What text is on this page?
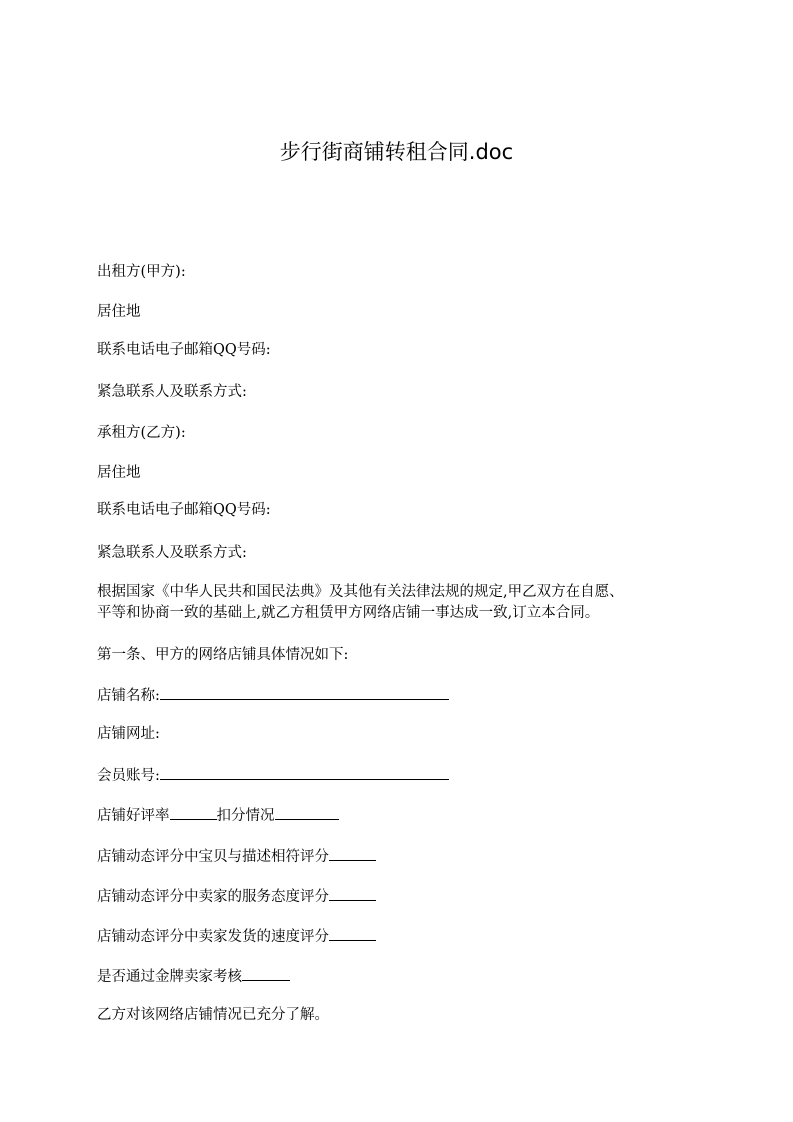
步行街商铺转租合同.doc
出租方(甲方):
居住地
联系电话电子邮箱QQ号码:
紧急联系人及联系方式:
承租方(乙方):
居住地
联系电话电子邮箱QQ号码:
紧急联系人及联系方式:
根据国家《中华人民共和国民法典》及其他有关法律法规的规定,甲乙双方在自愿、
平等和协商一致的基础上,就乙方租赁甲方网络店铺一事达成一致,订立本合同。
第一条、甲方的网络店铺具体情况如下:
店铺名称:
店铺网址:
会员账号:
店铺好评率	扣分情况
店铺动态评分中宝贝与描述相符评分
店铺动态评分中卖家的服务态度评分
店铺动态评分中卖家发货的速度评分
是否通过金牌卖家考核
乙方对该网络店铺情况已充分了解。
